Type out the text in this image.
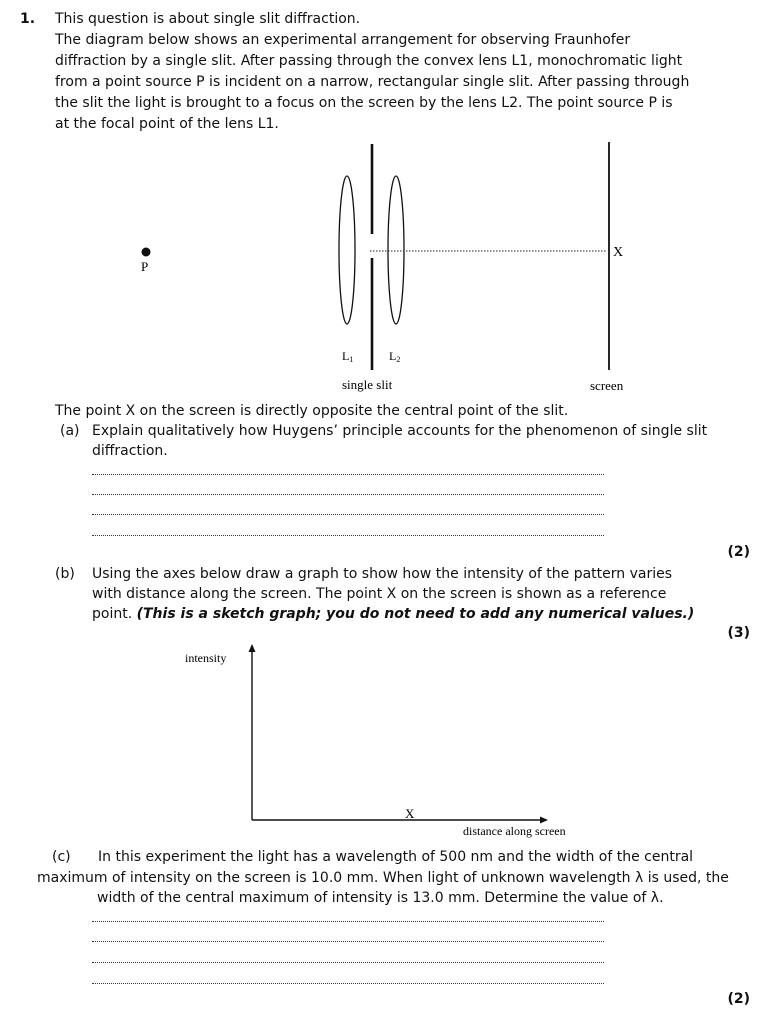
1. This question is about single slit diffraction.
The diagram below shows an experimental arrangement for observing Fraunhofer
diffraction by a single slit. After passing through the convex lens L1, monochromatic light
from a point source P is incident on a narrow, rectangular single slit. After passing through
the slit the light is brought to a focus on the screen by the lens L2. The point source P is
at the focal point of the lens L1.
P
X
L1	L2
single slit	screen
The point X on the screen is directly opposite the central point of the slit.
(a) Explain qualitatively how Huygens’ principle accounts for the phenomenon of single slit
diffraction.
(2)
(b) Using the axes below draw a graph to show how the intensity of the pattern varies
with distance along the screen. The point X on the screen is shown as a reference
point. (This is a sketch graph; you do not need to add any numerical values.)
(3)
intensity
X
distance along screen
(c) In this experiment the light has a wavelength of 500 nm and the width of the central
maximum of intensity on the screen is 10.0 mm. When light of unknown wavelength λ is used, the
width of the central maximum of intensity is 13.0 mm. Determine the value of λ.
(2)
